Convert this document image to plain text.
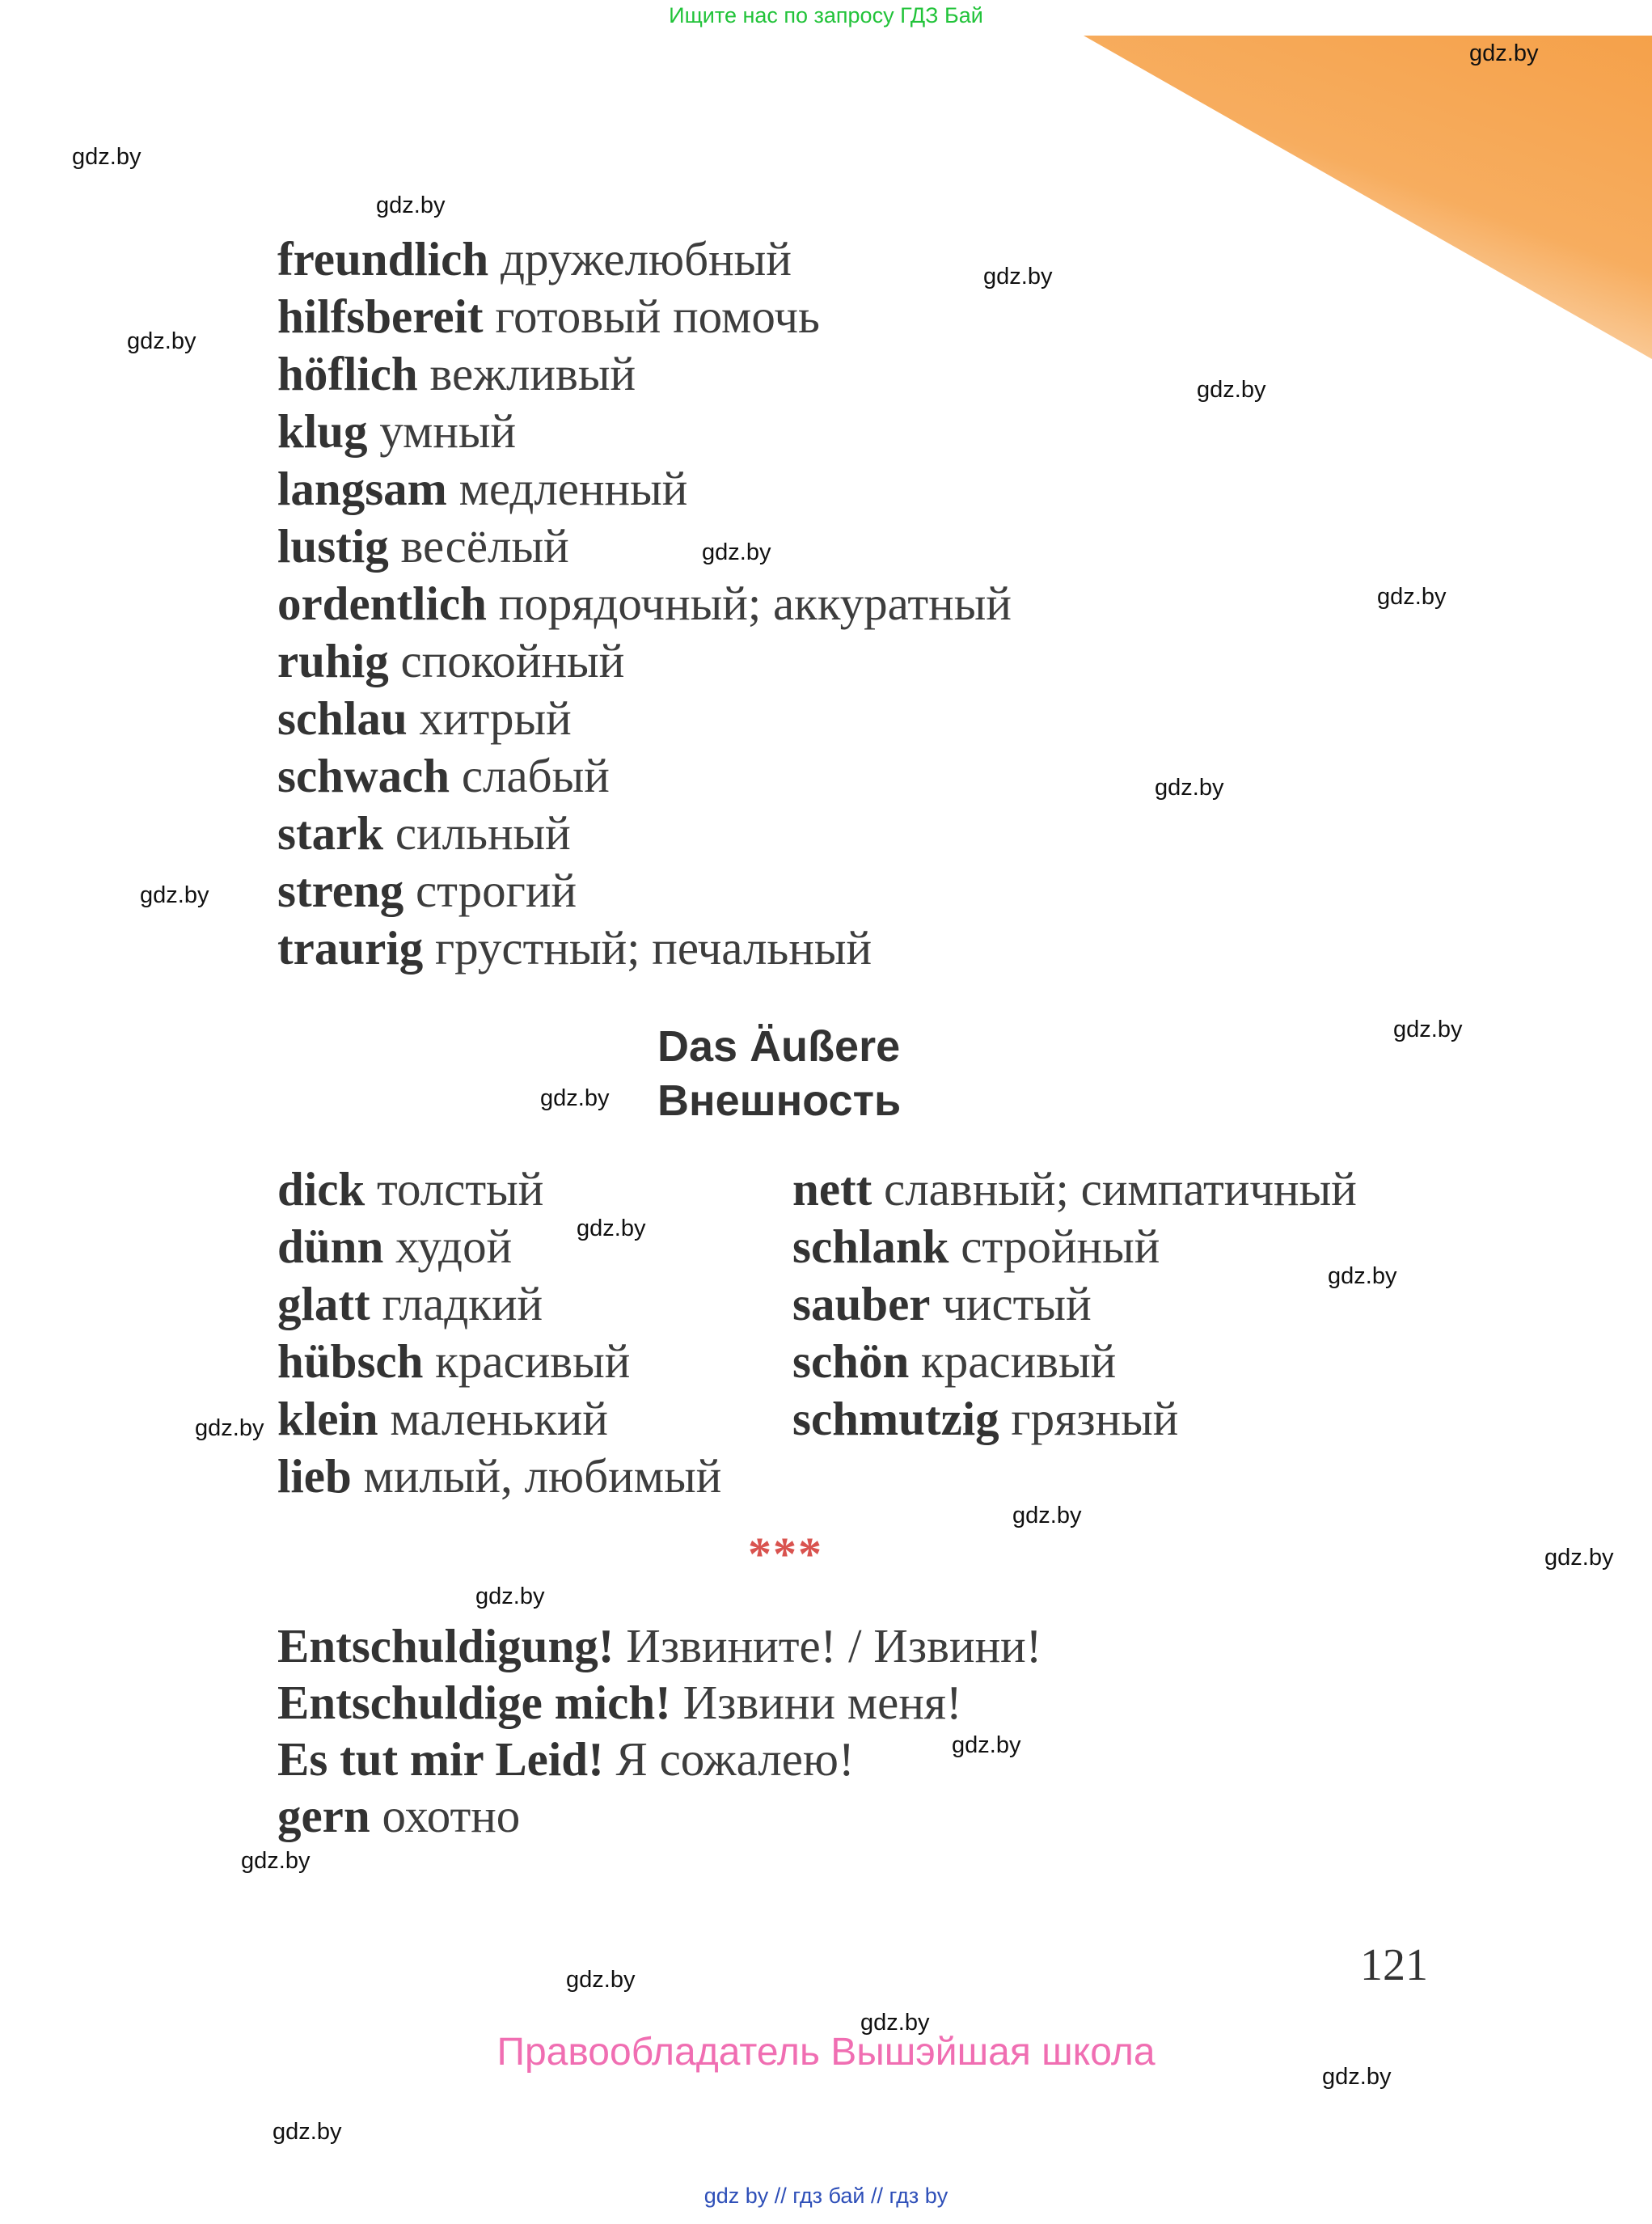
Ищите нас по запросу ГДЗ Бай
gdz.by
gdz.by
gdz.by
gdz.by
gdz.by
gdz.by
gdz.by
gdz.by
gdz.by
gdz.by
gdz.by
gdz.by
gdz.by
gdz.by
gdz.by
gdz.by
gdz.by
gdz.by
gdz.by
gdz.by
gdz.by
gdz.by
gdz.by
gdz.by
freundlich дружелюбный
hilfsbereit готовый помочь
höflich вежливый
klug умный
langsam медленный
lustig весёлый
ordentlich порядочный; аккуратный
ruhig спокойный
schlau хитрый
schwach слабый
stark сильный
streng строгий
traurig грустный; печальный
Das Äußere
Внешность
dick толстый
dünn худой
glatt гладкий
hübsch красивый
klein маленький
lieb милый, любимый
nett славный; симпатичный
schlank стройный
sauber чистый
schön красивый
schmutzig грязный
***
Entschuldigung! Извините! / Извини!
Entschuldige mich! Извини меня!
Es tut mir Leid! Я сожалею!
gern охотно
121
Правообладатель Вышэйшая школа
gdz by // гдз бай // гдз by
